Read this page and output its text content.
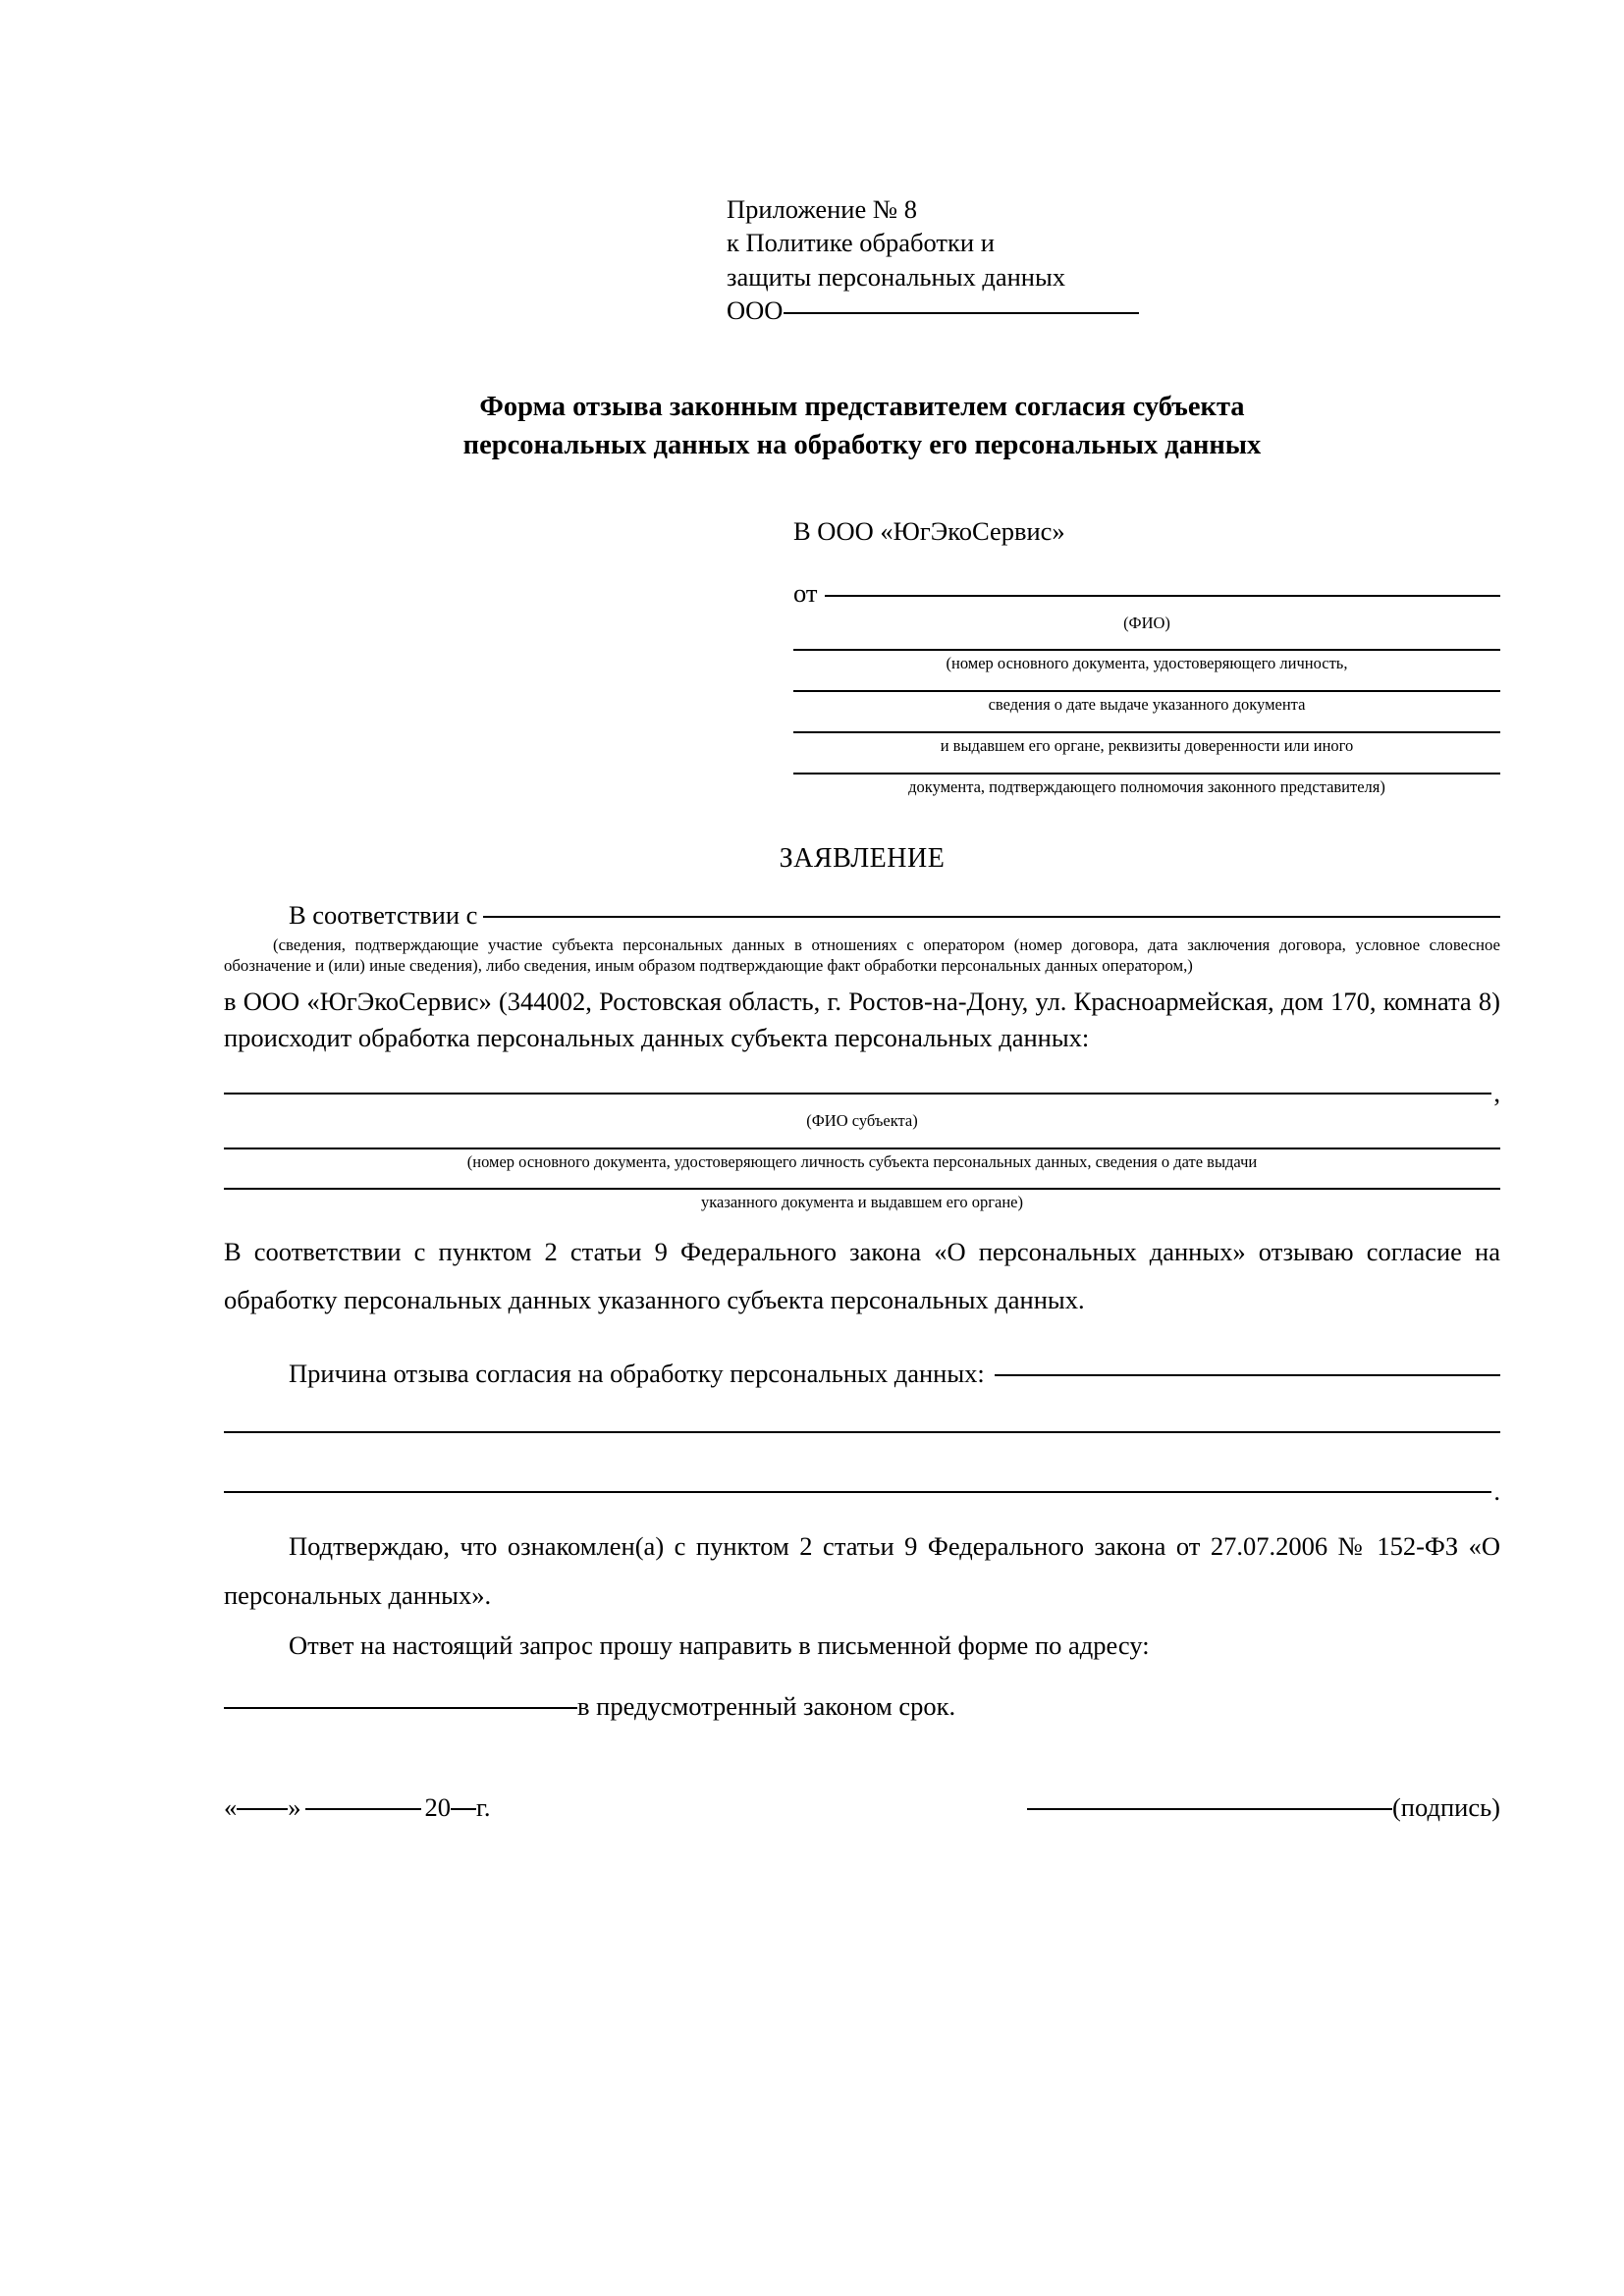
Приложение № 8
к Политике обработки и
защиты персональных данных
ООО
Форма отзыва законным представителем согласия субъекта
персональных данных на обработку его персональных данных
В ООО «ЮгЭкоСервис»
от
(ФИО)
(номер основного документа, удостоверяющего личность,
сведения о дате выдаче указанного документа
и выдавшем его органе, реквизиты доверенности или иного
документа, подтверждающего полномочия законного представителя)
ЗАЯВЛЕНИЕ
В соответствии с
(сведения, подтверждающие участие субъекта персональных данных в отношениях с оператором (номер договора, дата заключения договора, условное словесное обозначение и (или) иные сведения), либо сведения, иным образом подтверждающие факт обработки персональных данных оператором,)
в ООО «ЮгЭкоСервис» (344002, Ростовская область, г. Ростов-на-Дону, ул. Красноармейская, дом 170, комната 8) происходит обработка персональных данных субъекта персональных данных:
,
(ФИО субъекта)
(номер основного документа, удостоверяющего личность субъекта персональных данных, сведения о дате выдачи
указанного документа и выдавшем его органе)
В соответствии с пунктом 2 статьи 9 Федерального закона «О персональных данных» отзываю согласие на обработку персональных данных указанного субъекта персональных данных.
Причина отзыва согласия на обработку персональных данных:
.
Подтверждаю, что ознакомлен(а) с пунктом 2 статьи 9 Федерального закона от 27.07.2006 № 152-ФЗ «О персональных данных».
Ответ на настоящий запрос прошу направить в письменной форме по адресу:
в предусмотренный законом срок.
« »	20 г.	(подпись)
